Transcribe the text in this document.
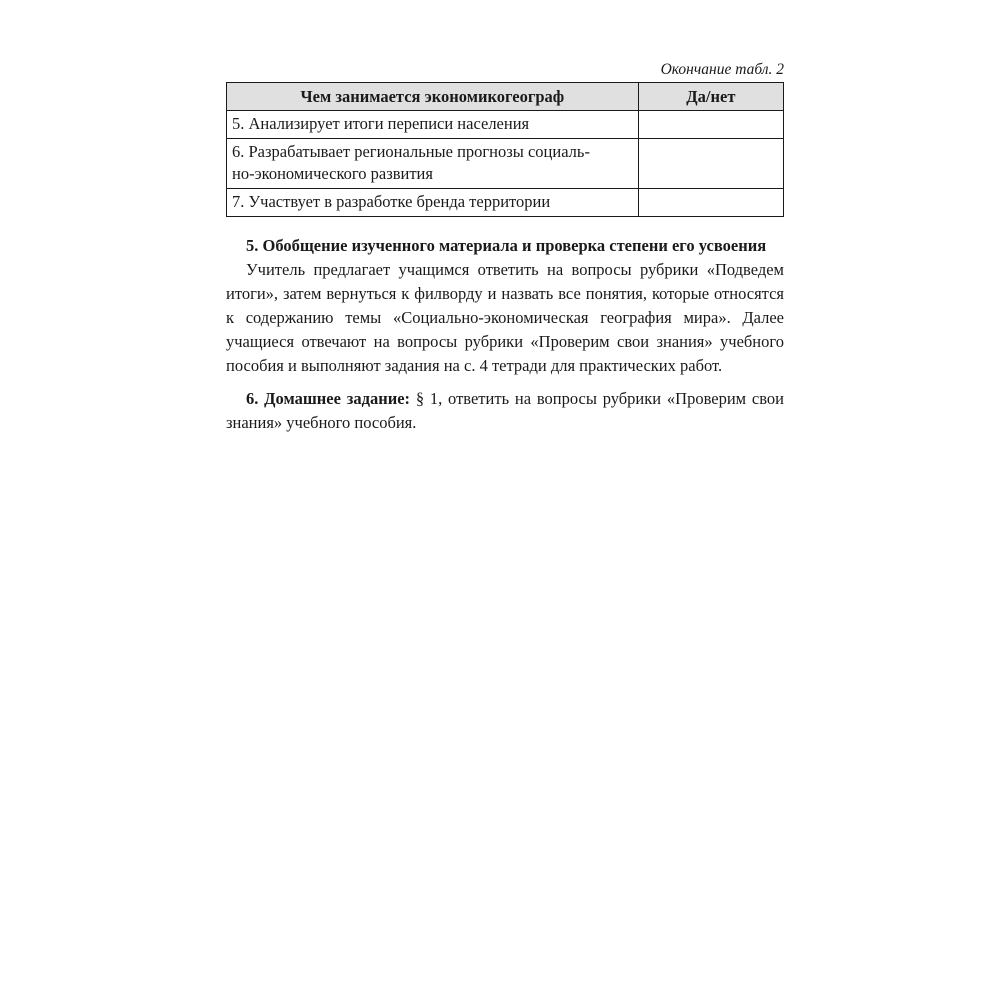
Окончание табл. 2
Чем занимается экономикогеограф	Да/нет
5. Анализирует итоги переписи населения	

6. Разрабатывает региональные прогнозы социаль-
но-экономического развития	

7. Участвует в разработке бренда территории	
5. Обобщение изученного материала и проверка степени его усвоения
Учитель предлагает учащимся ответить на вопросы рубрики «Подведем итоги», затем вернуться к филворду и назвать все понятия, которые относятся к содержанию темы «Социально-экономическая география мира». Далее учащиеся отвечают на вопросы рубрики «Проверим свои знания» учебного пособия и выполняют задания на с. 4 тетради для практических работ.
6. Домашнее задание: § 1, ответить на вопросы рубрики «Проверим свои знания» учебного пособия.
